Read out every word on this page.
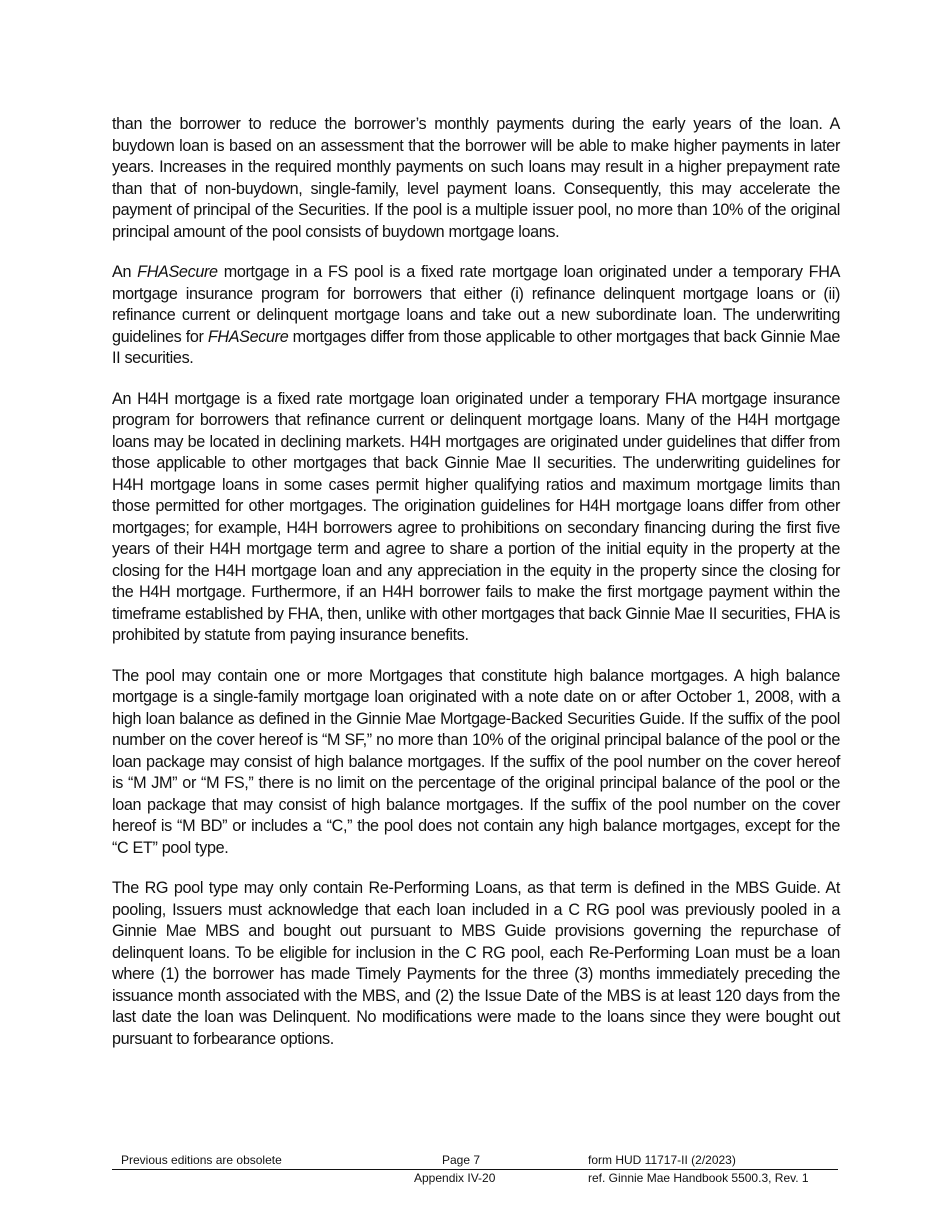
than the borrower to reduce the borrower’s monthly payments during the early years of the loan. A buydown loan is based on an assessment that the borrower will be able to make higher payments in later years. Increases in the required monthly payments on such loans may result in a higher prepayment rate than that of non-buydown, single-family, level payment loans. Consequently, this may accelerate the payment of principal of the Securities. If the pool is a multiple issuer pool, no more than 10% of the original principal amount of the pool consists of buydown mortgage loans.

An FHASecure mortgage in a FS pool is a fixed rate mortgage loan originated under a temporary FHA mortgage insurance program for borrowers that either (i) refinance delinquent mortgage loans or (ii) refinance current or delinquent mortgage loans and take out a new subordinate loan. The underwriting guidelines for FHASecure mortgages differ from those applicable to other mortgages that back Ginnie Mae II securities.

An H4H mortgage is a fixed rate mortgage loan originated under a temporary FHA mortgage insurance program for borrowers that refinance current or delinquent mortgage loans. Many of the H4H mortgage loans may be located in declining markets. H4H mortgages are originated under guidelines that differ from those applicable to other mortgages that back Ginnie Mae II securities. The underwriting guidelines for H4H mortgage loans in some cases permit higher qualifying ratios and maximum mortgage limits than those permitted for other mortgages. The origination guidelines for H4H mortgage loans differ from other mortgages; for example, H4H borrowers agree to prohibitions on secondary financing during the first five years of their H4H mortgage term and agree to share a portion of the initial equity in the property at the closing for the H4H mortgage loan and any appreciation in the equity in the property since the closing for the H4H mortgage. Furthermore, if an H4H borrower fails to make the first mortgage payment within the timeframe established by FHA, then, unlike with other mortgages that back Ginnie Mae II securities, FHA is prohibited by statute from paying insurance benefits.

The pool may contain one or more Mortgages that constitute high balance mortgages. A high balance mortgage is a single-family mortgage loan originated with a note date on or after October 1, 2008, with a high loan balance as defined in the Ginnie Mae Mortgage-Backed Securities Guide. If the suffix of the pool number on the cover hereof is “M SF,” no more than 10% of the original principal balance of the pool or the loan package may consist of high balance mortgages. If the suffix of the pool number on the cover hereof is “M JM” or “M FS,” there is no limit on the percentage of the original principal balance of the pool or the loan package that may consist of high balance mortgages. If the suffix of the pool number on the cover hereof is “M BD” or includes a “C,” the pool does not contain any high balance mortgages, except for the “C ET” pool type.

The RG pool type may only contain Re-Performing Loans, as that term is defined in the MBS Guide. At pooling, Issuers must acknowledge that each loan included in a C RG pool was previously pooled in a Ginnie Mae MBS and bought out pursuant to MBS Guide provisions governing the repurchase of delinquent loans. To be eligible for inclusion in the C RG pool, each Re-Performing Loan must be a loan where (1) the borrower has made Timely Payments for the three (3) months immediately preceding the issuance month associated with the MBS, and (2) the Issue Date of the MBS is at least 120 days from the last date the loan was Delinquent. No modifications were made to the loans since they were bought out pursuant to forbearance options.

Previous editions are obsolete	Page 7	form HUD 11717-II (2/2023)
Appendix IV-20	ref. Ginnie Mae Handbook 5500.3, Rev. 1
